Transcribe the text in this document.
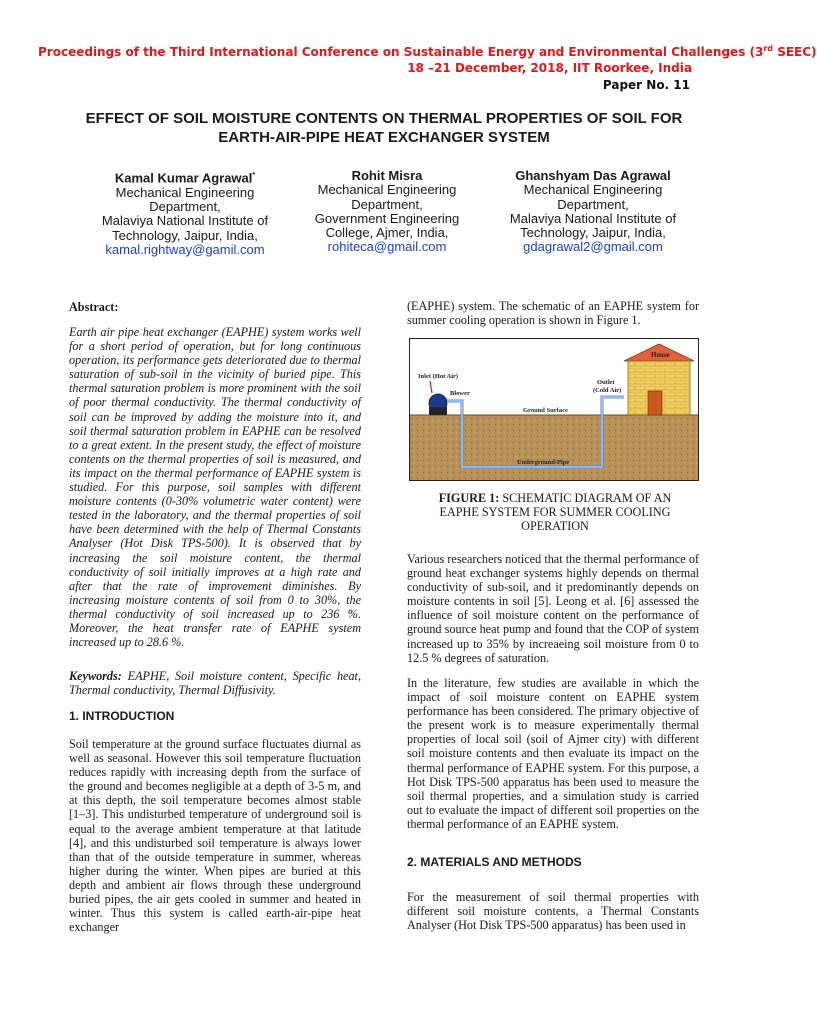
Proceedings of the Third International Conference on Sustainable Energy and Environmental Challenges (3rd SEEC)
18 –21 December, 2018, IIT Roorkee, India
Paper No. 11
EFFECT OF SOIL MOISTURE CONTENTS ON THERMAL PROPERTIES OF SOIL FOR
EARTH-AIR-PIPE HEAT EXCHANGER SYSTEM
Kamal Kumar Agrawal*
Mechanical Engineering
Department,
Malaviya National Institute of
Technology, Jaipur, India,
kamal.rightway@gamil.com
Rohit Misra
Mechanical Engineering
Department,
Government Engineering
College, Ajmer, India,
rohiteca@gmail.com
Ghanshyam Das Agrawal
Mechanical Engineering
Department,
Malaviya National Institute of
Technology, Jaipur, India,
gdagrawal2@gmail.com
Abstract:
Earth air pipe heat exchanger (EAPHE) system works well for a short period of operation, but for long continuous operation, its performance gets deteriorated due to thermal saturation of sub-soil in the vicinity of buried pipe. This thermal saturation problem is more prominent with the soil of poor thermal conductivity. The thermal conductivity of soil can be improved by adding the moisture into it, and soil thermal saturation problem in EAPHE can be resolved to a great extent. In the present study, the effect of moisture contents on the thermal properties of soil is measured, and its impact on the thermal performance of EAPHE system is studied. For this purpose, soil samples with different moisture contents (0-30% volumetric water content) were tested in the laboratory, and the thermal properties of soil have been determined with the help of Thermal Constants Analyser (Hot Disk TPS-500). It is observed that by increasing the soil moisture content, the thermal conductivity of soil initially improves at a high rate and after that the rate of improvement diminishes. By increasing moisture contents of soil from 0 to 30%, the thermal conductivity of soil increased up to 236 %. Moreover, the heat transfer rate of EAPHE system increased up to 28.6 %.
Keywords: EAPHE, Soil moisture content, Specific heat, Thermal conductivity, Thermal Diffusivity.
1. INTRODUCTION
Soil temperature at the ground surface fluctuates diurnal as well as seasonal. However this soil temperature fluctuation reduces rapidly with increasing depth from the surface of the ground and becomes negligible at a depth of 3-5 m, and at this depth, the soil temperature becomes almost stable [1–3]. This undisturbed temperature of underground soil is equal to the average ambient temperature at that latitude [4], and this undisturbed soil temperature is always lower than that of the outside temperature in summer, whereas higher during the winter. When pipes are buried at this depth and ambient air flows through these underground buried pipes, the air gets cooled in summer and heated in winter. Thus this system is called earth-air-pipe heat exchanger
(EAPHE) system. The schematic of an EAPHE system for summer cooling operation is shown in Figure 1.
House
Inlet (Hot Air)
Blower
Outlet
(Cold Air)
Ground Surface
Underground-Pipe
FIGURE 1: SCHEMATIC DIAGRAM OF AN EAPHE SYSTEM FOR SUMMER COOLING OPERATION
Various researchers noticed that the thermal performance of ground heat exchanger systems highly depends on thermal conductivity of sub-soil, and it predominantly depends on moisture contents in soil [5]. Leong et al. [6] assessed the influence of soil moisture content on the performance of ground source heat pump and found that the COP of system increased up to 35% by increaeing soil moisture from 0 to 12.5 % degrees of saturation.
In the literature, few studies are available in which the impact of soil moisture content on EAPHE system performance has been considered. The primary objective of the present work is to measure experimentally thermal properties of local soil (soil of Ajmer city) with different soil moisture contents and then evaluate its impact on the thermal performance of EAPHE system. For this purpose, a Hot Disk TPS-500 apparatus has been used to measure the soil thermal properties, and a simulation study is carried out to evaluate the impact of different soil properties on the thermal performance of an EAPHE system.
2. MATERIALS AND METHODS
For the measurement of soil thermal properties with different soil moisture contents, a Thermal Constants Analyser (Hot Disk TPS-500 apparatus) has been used in
